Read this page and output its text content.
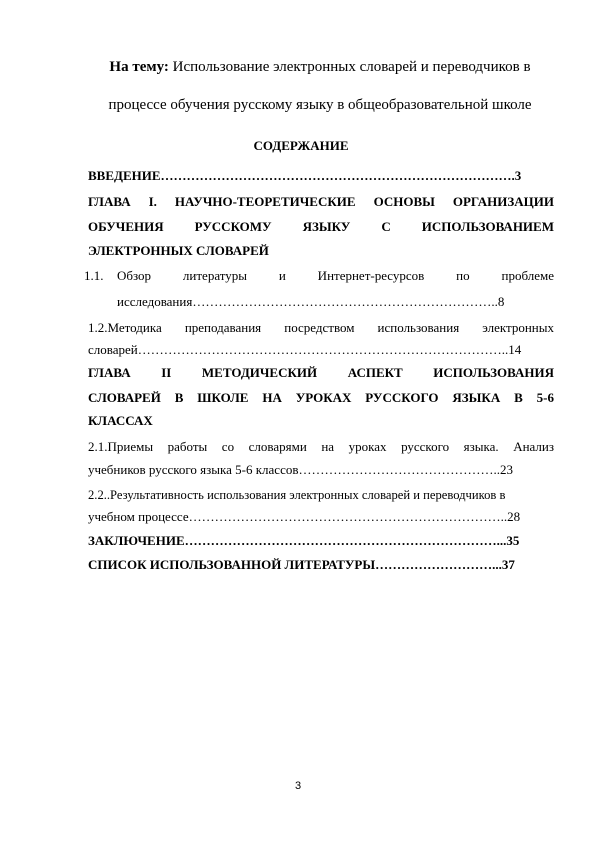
На тему: Использование электронных словарей и переводчиков в
процессе обучения русскому языку в общеобразовательной школе
СОДЕРЖАНИЕ
ВВЕДЕНИЕ……………………………………………………………………….3
ГЛАВА I. НАУЧНО-ТЕОРЕТИЧЕСКИЕ ОСНОВЫ ОРГАНИЗАЦИИ
ОБУЧЕНИЯ РУССКОМУ ЯЗЫКУ С ИСПОЛЬЗОВАНИЕМ
ЭЛЕКТРОННЫХ СЛОВАРЕЙ
1.1. Обзор литературы и Интернет-ресурсов по проблеме
исследования……………………………………………………………..8
1.2.Методика преподавания посредством использования электронных
словарей…………………………………………………………………………..14
ГЛАВА II МЕТОДИЧЕСКИЙ АСПЕКТ ИСПОЛЬЗОВАНИЯ
СЛОВАРЕЙ В ШКОЛЕ НА УРОКАХ РУССКОГО ЯЗЫКА В 5-6
КЛАССАХ
2.1.Приемы работы со словарями на уроках русского языка. Анализ
учебников русского языка 5-6 классов………………………………………..23
2.2..Результативность использования электронных словарей и переводчиков в
учебном процессе………………………………………………………………..28
ЗАКЛЮЧЕНИЕ………………………………………………………………...35
СПИСОК ИСПОЛЬЗОВАННОЙ ЛИТЕРАТУРЫ………………………...37
3
